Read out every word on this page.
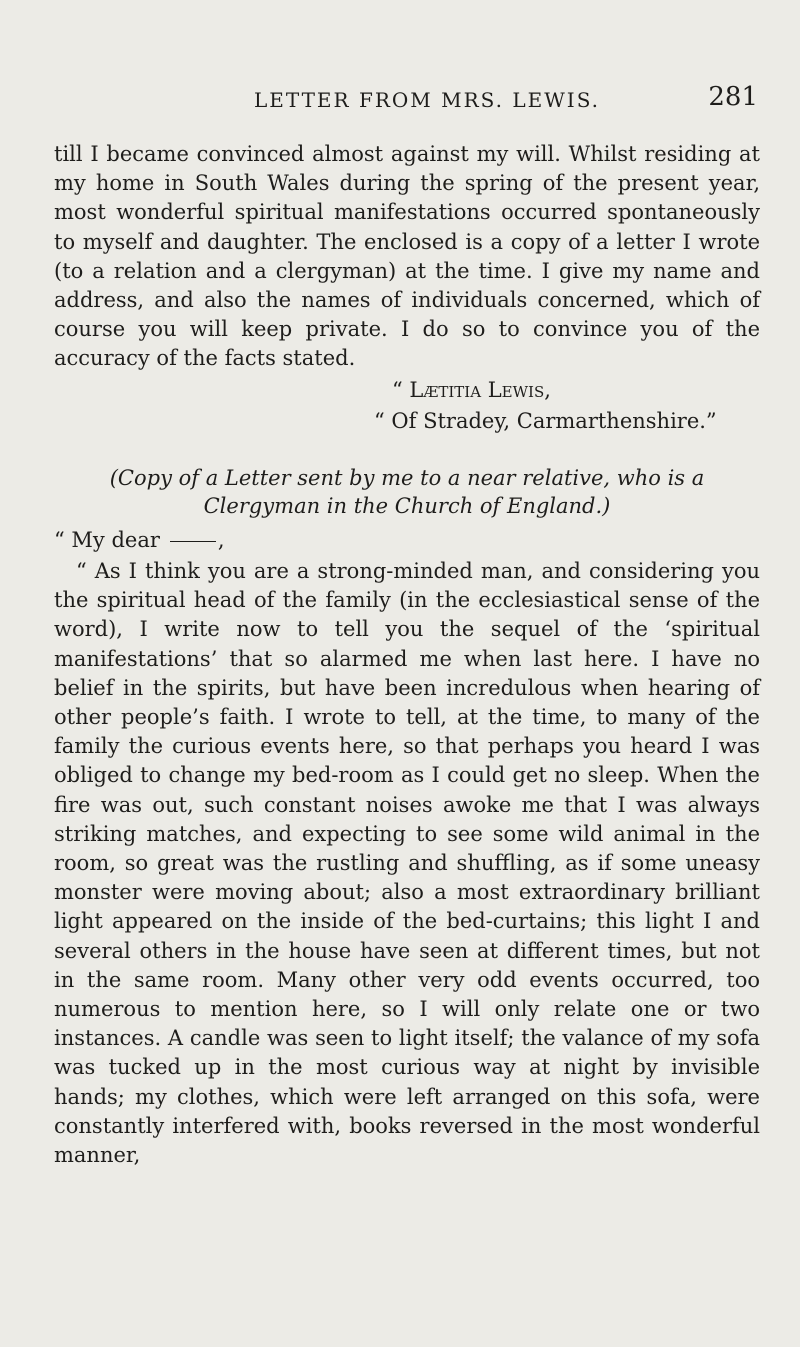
LETTER FROM MRS. LEWIS.	281

till I became convinced almost against my will. Whilst residing at my home in South Wales during the spring of the present year, most wonderful spiritual manifestations occurred spontaneously to myself and daughter. The enclosed is a copy of a letter I wrote (to a relation and a clergyman) at the time. I give my name and address, and also the names of individuals concerned, which of course you will keep private. I do so to convince you of the accuracy of the facts stated.

“ Lætitia Lewis,

“ Of Stradey, Carmarthenshire.”

(Copy of a Letter sent by me to a near relative, who is a
Clergyman in the Church of England.)

“ My dear	,

“ As I think you are a strong-minded man, and considering you the spiritual head of the family (in the ecclesiastical sense of the word), I write now to tell you the sequel of the ‘spiritual manifestations’ that so alarmed me when last here. I have no belief in the spirits, but have been incredulous when hearing of other people’s faith. I wrote to tell, at the time, to many of the family the curious events here, so that perhaps you heard I was obliged to change my bed-room as I could get no sleep. When the fire was out, such constant noises awoke me that I was always striking matches, and expecting to see some wild animal in the room, so great was the rustling and shuffling, as if some uneasy monster were moving about; also a most extraordinary brilliant light appeared on the inside of the bed-curtains; this light I and several others in the house have seen at different times, but not in the same room. Many other very odd events occurred, too numerous to mention here, so I will only relate one or two instances. A candle was seen to light itself; the valance of my sofa was tucked up in the most curious way at night by invisible hands; my clothes, which were left arranged on this sofa, were constantly interfered with, books reversed in the most wonderful manner,
